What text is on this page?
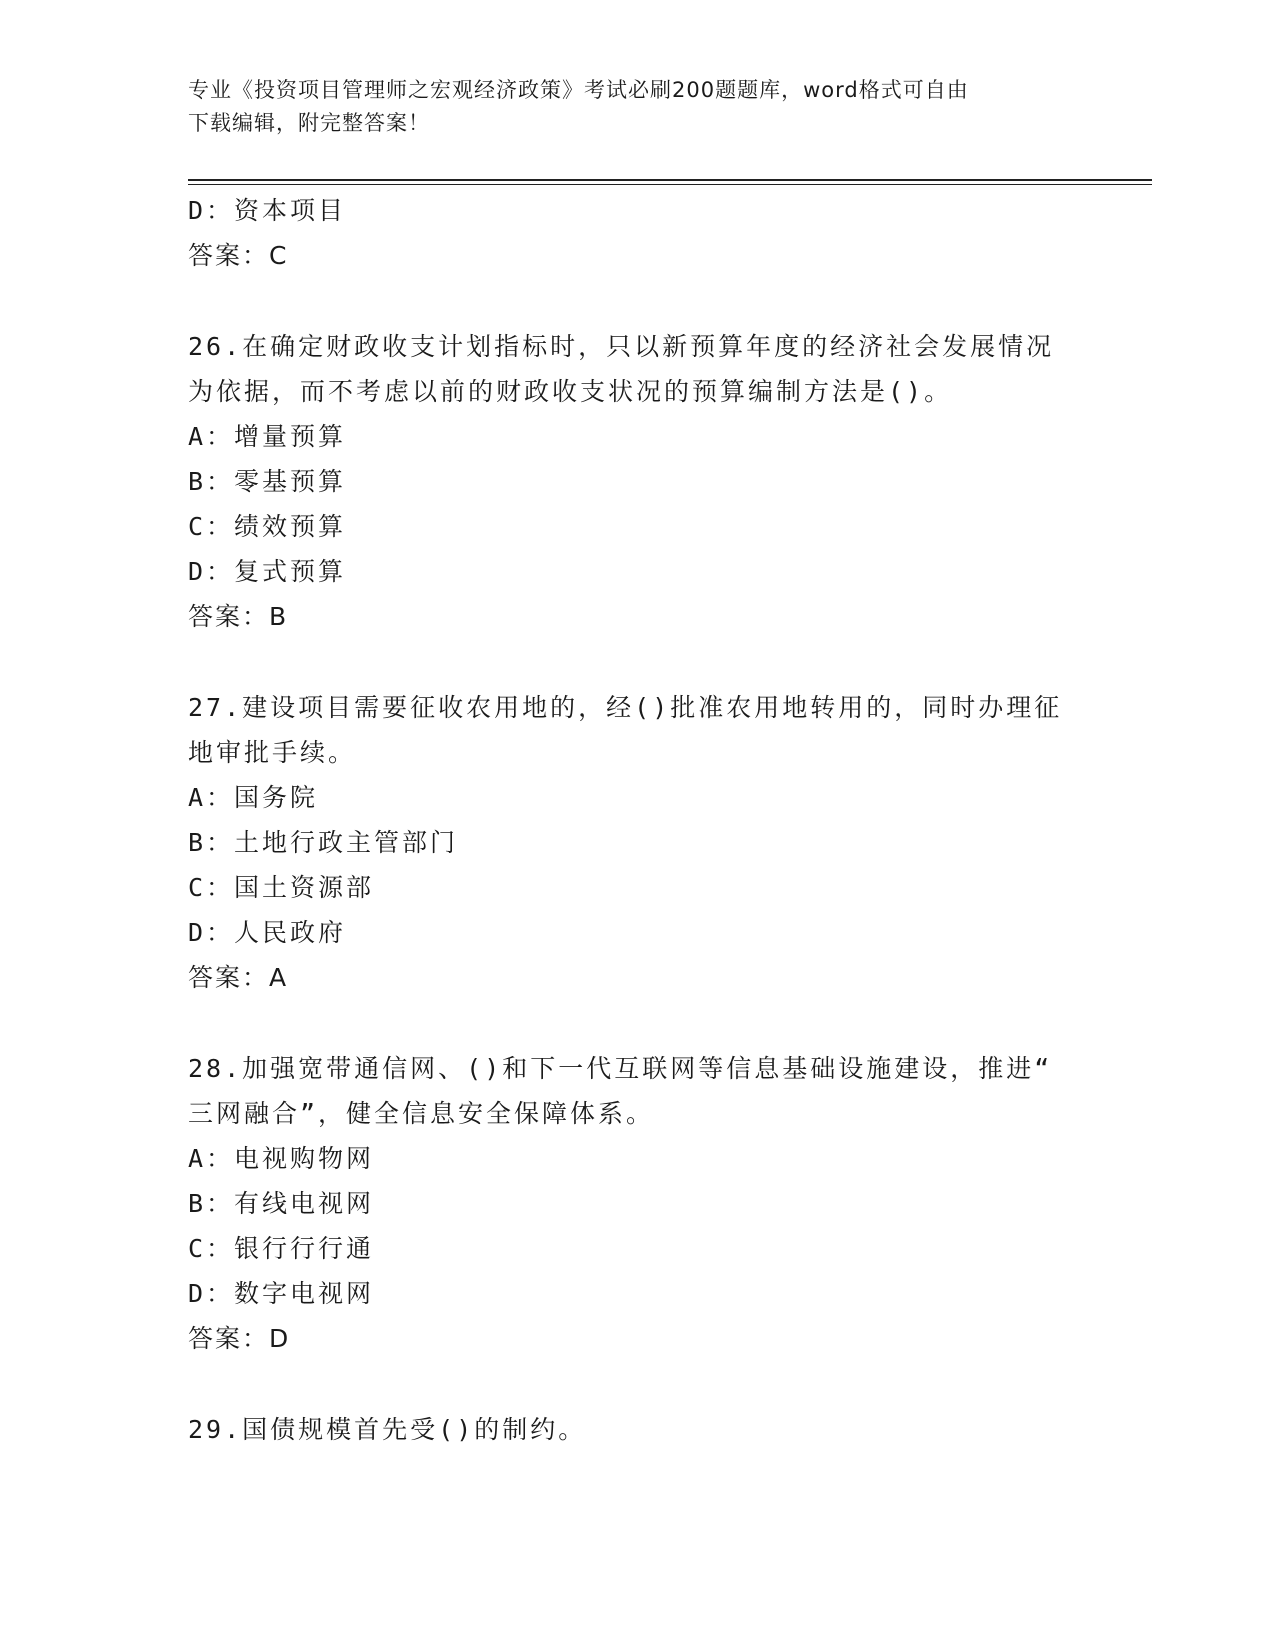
专业《投资项目管理师之宏观经济政策》考试必刷200题题库，word格式可自由
下载编辑，附完整答案！
D：资本项目
答案：C
26.在确定财政收支计划指标时，只以新预算年度的经济社会发展情况
为依据，而不考虑以前的财政收支状况的预算编制方法是()。
A：增量预算
B：零基预算
C：绩效预算
D：复式预算
答案：B
27.建设项目需要征收农用地的，经()批准农用地转用的，同时办理征
地审批手续。
A：国务院
B：土地行政主管部门
C：国土资源部
D：人民政府
答案：A
28.加强宽带通信网、()和下一代互联网等信息基础设施建设，推进“
三网融合”，健全信息安全保障体系。
A：电视购物网
B：有线电视网
C：银行行行通
D：数字电视网
答案：D
29.国债规模首先受()的制约。
